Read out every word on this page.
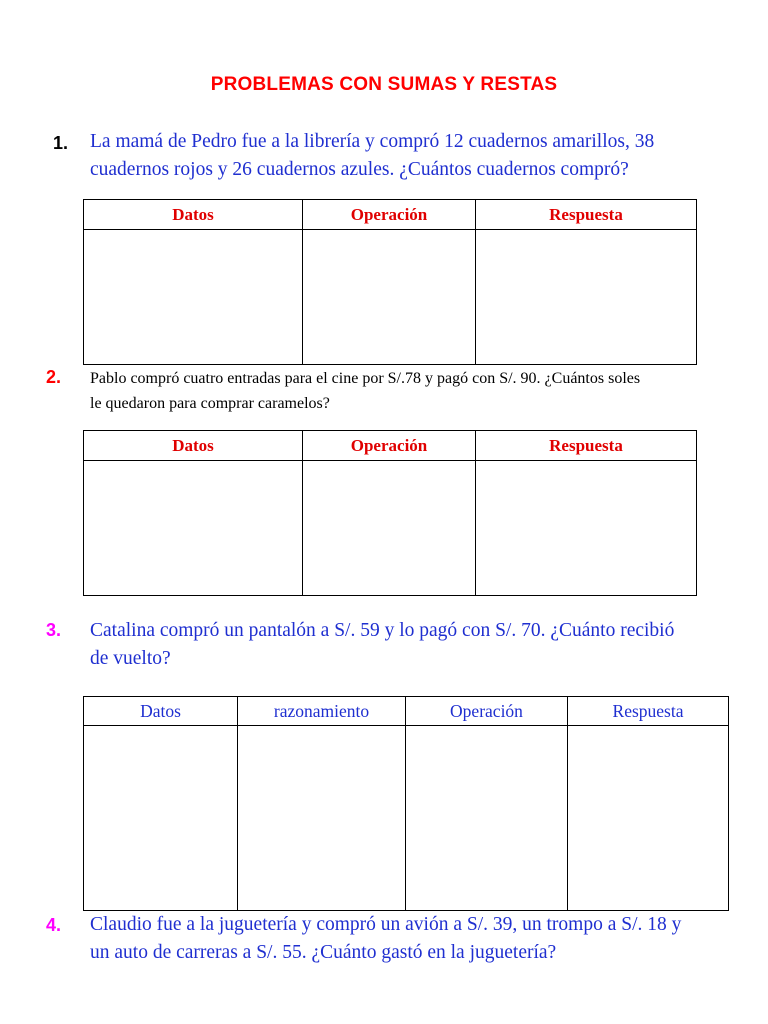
PROBLEMAS CON SUMAS Y RESTAS
1. La mamá de Pedro fue a la librería y compró 12 cuadernos amarillos, 38
cuadernos rojos y 26 cuadernos azules. ¿Cuántos cuadernos compró?
Datos	Operación	Respuesta

2. Pablo compró cuatro entradas para el cine por S/.78 y pagó con S/. 90. ¿Cuántos soles
le quedaron para comprar caramelos?
Datos	Operación	Respuesta

3. Catalina compró un pantalón a S/. 59 y lo pagó con S/. 70. ¿Cuánto recibió
de vuelto?
Datos	razonamiento	Operación	Respuesta

4. Claudio fue a la juguetería y compró un avión a S/. 39, un trompo a S/. 18 y
un auto de carreras a S/. 55. ¿Cuánto gastó en la juguetería?
